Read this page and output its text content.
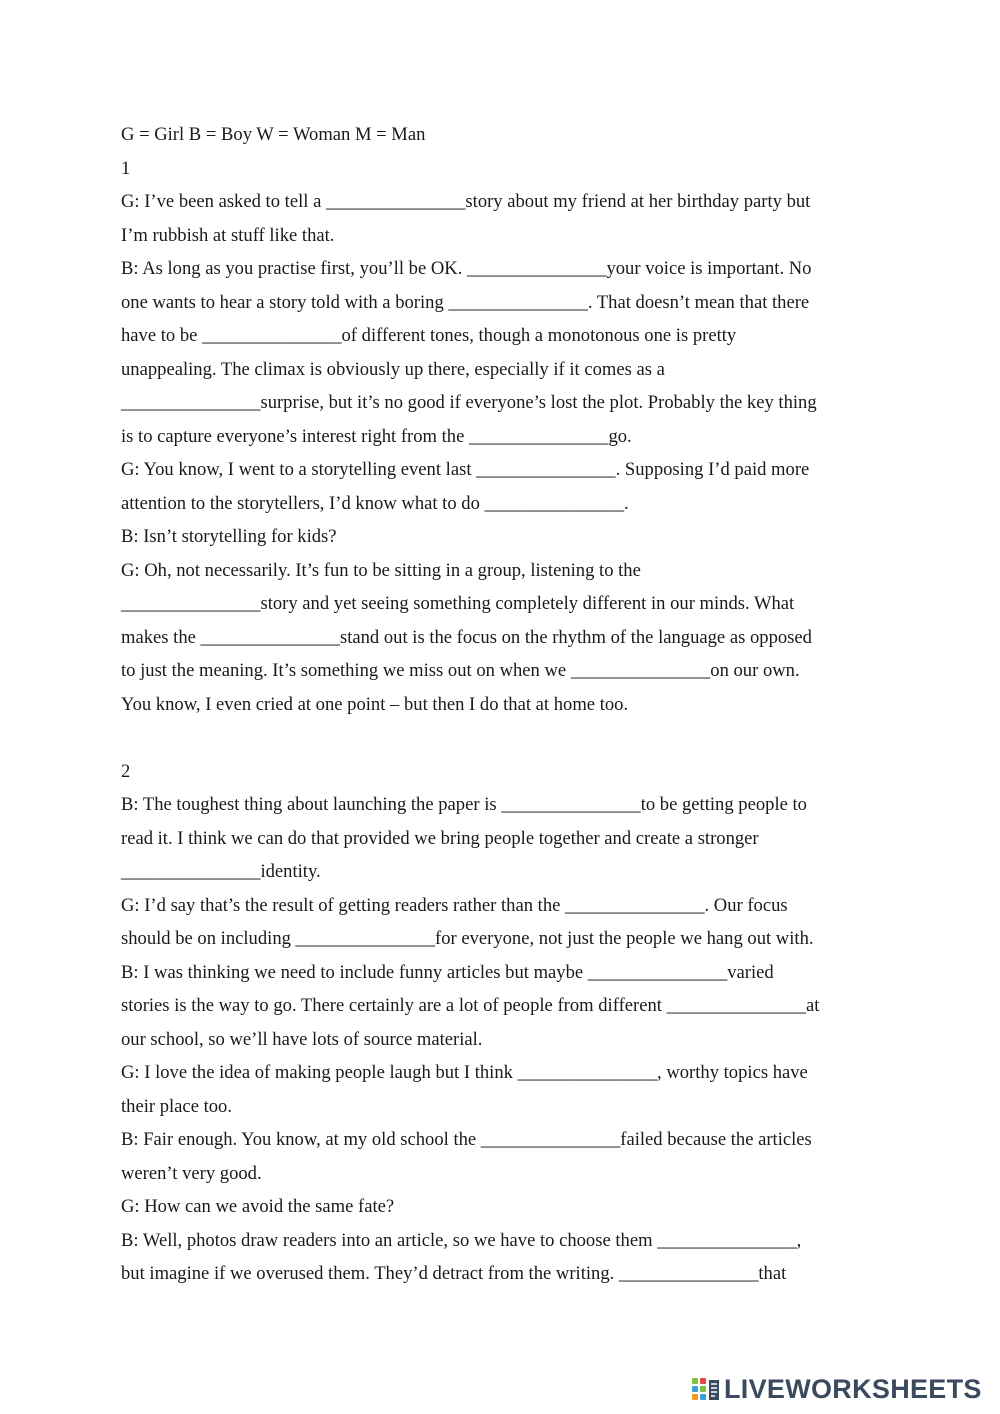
G = Girl B = Boy W = Woman M = Man
1
G: I’ve been asked to tell a _______________story about my friend at her birthday party but
I’m rubbish at stuff like that.
B: As long as you practise first, you’ll be OK. _______________your voice is important. No
one wants to hear a story told with a boring _______________. That doesn’t mean that there
have to be _______________of different tones, though a monotonous one is pretty
unappealing. The climax is obviously up there, especially if it comes as a
_______________surprise, but it’s no good if everyone’s lost the plot. Probably the key thing
is to capture everyone’s interest right from the _______________go.
G: You know, I went to a storytelling event last _______________. Supposing I’d paid more
attention to the storytellers, I’d know what to do _______________.
B: Isn’t storytelling for kids?
G: Oh, not necessarily. It’s fun to be sitting in a group, listening to the
_______________story and yet seeing something completely different in our minds. What
makes the _______________stand out is the focus on the rhythm of the language as opposed
to just the meaning. It’s something we miss out on when we _______________on our own.
You know, I even cried at one point – but then I do that at home too.
2
B: The toughest thing about launching the paper is _______________to be getting people to
read it. I think we can do that provided we bring people together and create a stronger
_______________identity.
G: I’d say that’s the result of getting readers rather than the _______________. Our focus
should be on including _______________for everyone, not just the people we hang out with.
B: I was thinking we need to include funny articles but maybe _______________varied
stories is the way to go. There certainly are a lot of people from different _______________at
our school, so we’ll have lots of source material.
G: I love the idea of making people laugh but I think _______________, worthy topics have
their place too.
B: Fair enough. You know, at my old school the _______________failed because the articles
weren’t very good.
G: How can we avoid the same fate?
B: Well, photos draw readers into an article, so we have to choose them _______________,
but imagine if we overused them. They’d detract from the writing. _______________that
LIVEWORKSHEETS
